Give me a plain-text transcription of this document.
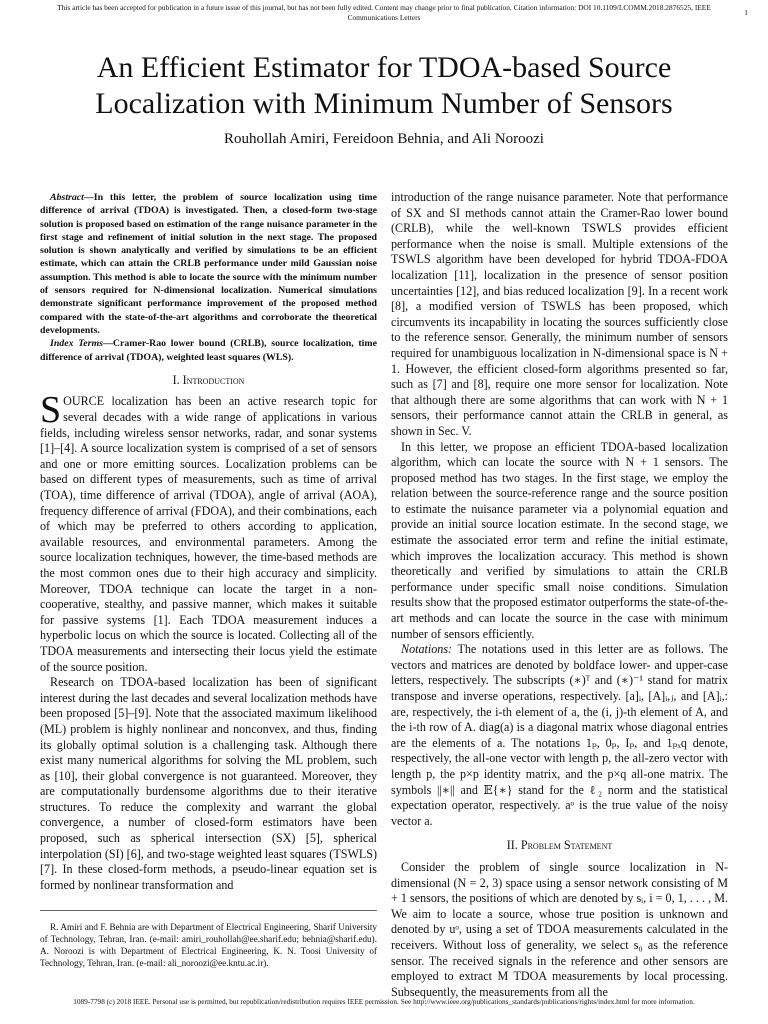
This article has been accepted for publication in a future issue of this journal, but has not been fully edited. Content may change prior to final publication. Citation information: DOI 10.1109/LCOMM.2018.2876525, IEEE
Communications Letters
1
An Efficient Estimator for TDOA-based Source
Localization with Minimum Number of Sensors
Rouhollah Amiri, Fereidoon Behnia, and Ali Noroozi

Abstract—In this letter, the problem of source localization using time difference of arrival (TDOA) is investigated. Then, a closed-form two-stage solution is proposed based on estimation of the range nuisance parameter in the first stage and refinement of initial solution in the next stage. The proposed solution is shown analytically and verified by simulations to be an efficient estimate, which can attain the CRLB performance under mild Gaussian noise assumption. This method is able to locate the source with the minimum number of sensors required for N-dimensional localization. Numerical simulations demonstrate significant performance improvement of the proposed method compared with the state-of-the-art algorithms and corroborate the theoretical developments.

Index Terms—Cramer-Rao lower bound (CRLB), source localization, time difference of arrival (TDOA), weighted least squares (WLS).

I. Introduction

SOURCE localization has been an active research topic for several decades with a wide range of applications in various fields, including wireless sensor networks, radar, and sonar systems [1]–[4]. A source localization system is comprised of a set of sensors and one or more emitting sources. Localization problems can be based on different types of measurements, such as time of arrival (TOA), time difference of arrival (TDOA), angle of arrival (AOA), frequency difference of arrival (FDOA), and their combinations, each of which may be preferred to others according to application, available resources, and environmental parameters. Among the source localization techniques, however, the time-based methods are the most common ones due to their high accuracy and simplicity. Moreover, TDOA technique can locate the target in a non-cooperative, stealthy, and passive manner, which makes it suitable for passive systems [1]. Each TDOA measurement induces a hyperbolic locus on which the source is located. Collecting all of the TDOA measurements and intersecting their locus yield the estimate of the source position.

Research on TDOA-based localization has been of significant interest during the last decades and several localization methods have been proposed [5]–[9]. Note that the associated maximum likelihood (ML) problem is highly nonlinear and nonconvex, and thus, finding its globally optimal solution is a challenging task. Although there exist many numerical algorithms for solving the ML problem, such as [10], their global convergence is not guaranteed. Moreover, they are computationally burdensome algorithms due to their iterative structures. To reduce the complexity and warrant the global convergence, a number of closed-form estimators have been proposed, such as spherical intersection (SX) [5], spherical interpolation (SI) [6], and two-stage weighted least squares (TSWLS) [7]. In these closed-form methods, a pseudo-linear equation set is formed by nonlinear transformation and

introduction of the range nuisance parameter. Note that performance of SX and SI methods cannot attain the Cramer-Rao lower bound (CRLB), while the well-known TSWLS provides efficient performance when the noise is small. Multiple extensions of the TSWLS algorithm have been developed for hybrid TDOA-FDOA localization [11], localization in the presence of sensor position uncertainties [12], and bias reduced localization [9]. In a recent work [8], a modified version of TSWLS has been proposed, which circumvents its incapability in locating the sources sufficiently close to the reference sensor. Generally, the minimum number of sensors required for unambiguous localization in N-dimensional space is N + 1. However, the efficient closed-form algorithms presented so far, such as [7] and [8], require one more sensor for localization. Note that although there are some algorithms that can work with N + 1 sensors, their performance cannot attain the CRLB in general, as shown in Sec. V.

In this letter, we propose an efficient TDOA-based localization algorithm, which can locate the source with N + 1 sensors. The proposed method has two stages. In the first stage, we employ the relation between the source-reference range and the source position to estimate the nuisance parameter via a polynomial equation and provide an initial source location estimate. In the second stage, we estimate the associated error term and refine the initial estimate, which improves the localization accuracy. This method is shown theoretically and verified by simulations to attain the CRLB performance under specific small noise conditions. Simulation results show that the proposed estimator outperforms the state-of-the-art methods and can locate the source in the case with minimum number of sensors efficiently.

Notations: The notations used in this letter are as follows. The vectors and matrices are denoted by boldface lower- and upper-case letters, respectively. The subscripts (∗)ᵀ and (∗)⁻¹ stand for matrix transpose and inverse operations, respectively. [a]ᵢ, [A]ᵢ,ⱼ, and [A]ᵢ,: are, respectively, the i-th element of a, the (i, j)-th element of A, and the i-th row of A. diag(a) is a diagonal matrix whose diagonal entries are the elements of a. The notations 1ₚ, 0ₚ, Iₚ, and 1ₚₓq denote, respectively, the all-one vector with length p, the all-zero vector with length p, the p×p identity matrix, and the p×q all-one matrix. The symbols ||∗|| and 𝔼{∗} stand for the ℓ₂ norm and the statistical expectation operator, respectively. aᵒ is the true value of the noisy vector a.

II. Problem Statement

Consider the problem of single source localization in N-dimensional (N = 2, 3) space using a sensor network consisting of M + 1 sensors, the positions of which are denoted by sᵢ, i = 0, 1, . . . , M. We aim to locate a source, whose true position is unknown and denoted by uᵒ, using a set of TDOA measurements calculated in the receivers. Without loss of generality, we select s₀ as the reference sensor. The received signals in the reference and other sensors are employed to extract M TDOA measurements by local processing. Subsequently, the measurements from all the

R. Amiri and F. Behnia are with Department of Electrical Engineering, Sharif University of Technology, Tehran, Iran. (e-mail: amiri_rouhollah@ee.sharif.edu; behnia@sharif.edu). A. Noroozi is with Department of Electrical Engineering, K. N. Toosi University of Technology, Tehran, Iran. (e-mail: ali_noroozi@ee.kntu.ac.ir).

1089-7798 (c) 2018 IEEE. Personal use is permitted, but republication/redistribution requires IEEE permission. See http://www.ieee.org/publications_standards/publications/rights/index.html for more information.
